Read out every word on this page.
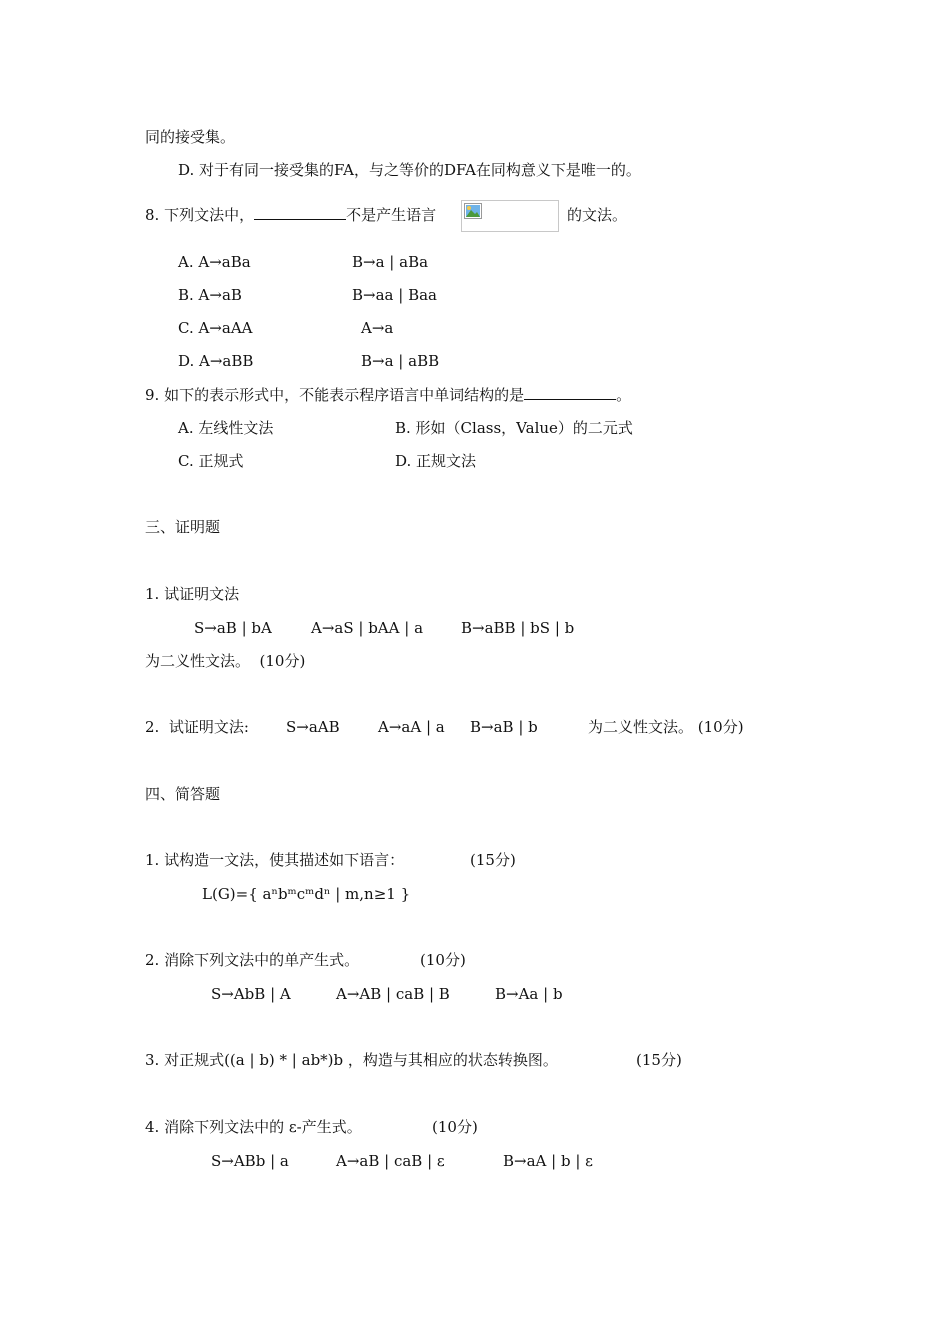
同的接受集。
D. 对于有同一接受集的FA，与之等价的DFA在同构意义下是唯一的。
8. 下列文法中，	不是产生语言	的文法。
A. A→aBa	B→a | aBa
B. A→aB	B→aa | Baa
C. A→aAA	A→a
D. A→aBB	B→a | aBB
9. 如下的表示形式中，不能表示程序语言中单词结构的是	。
A. 左线性文法	B. 形如（Class，Value）的二元式
C. 正规式	D. 正规文法
三、证明题
1. 试证明文法
S→aB | bA	A→aS | bAA | a	B→aBB | bS | b
为二义性文法。  (10分)
2.  试证明文法: S→aAB	A→aA | a B→aB | b	为二义性文法。 (10分)
四、简答题
1. 试构造一文法，使其描述如下语言：	(15分)
L(G)={ aⁿbᵐcᵐdⁿ | m,n≥1 }
2. 消除下列文法中的单产生式。	(10分)
S→AbB | A	A→AB | caB | B	B→Aa | b
3. 对正规式((a | b) * | ab*)b ，构造与其相应的状态转换图。	(15分)
4. 消除下列文法中的 ε-产生式。	(10分)
S→ABb | a	A→aB | caB | ε	B→aA | b | ε
